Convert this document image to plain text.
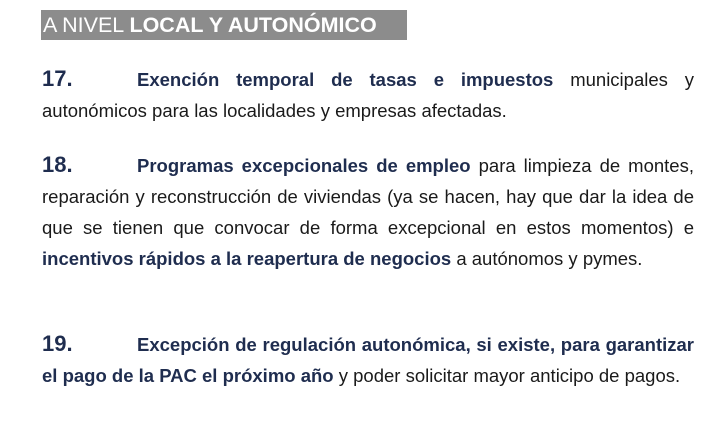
A NIVEL LOCAL Y AUTONÓMICO
17.	Exención temporal de tasas e impuestos municipales y autonómicos para las localidades y empresas afectadas.
18.	Programas excepcionales de empleo para limpieza de montes, reparación y reconstrucción de viviendas (ya se hacen, hay que dar la idea de que se tienen que convocar de forma excepcional en estos momentos) e incentivos rápidos a la reapertura de negocios a autónomos y pymes.
19.	Excepción de regulación autonómica, si existe, para garantizar el pago de la PAC el próximo año y poder solicitar mayor anticipo de pagos.
